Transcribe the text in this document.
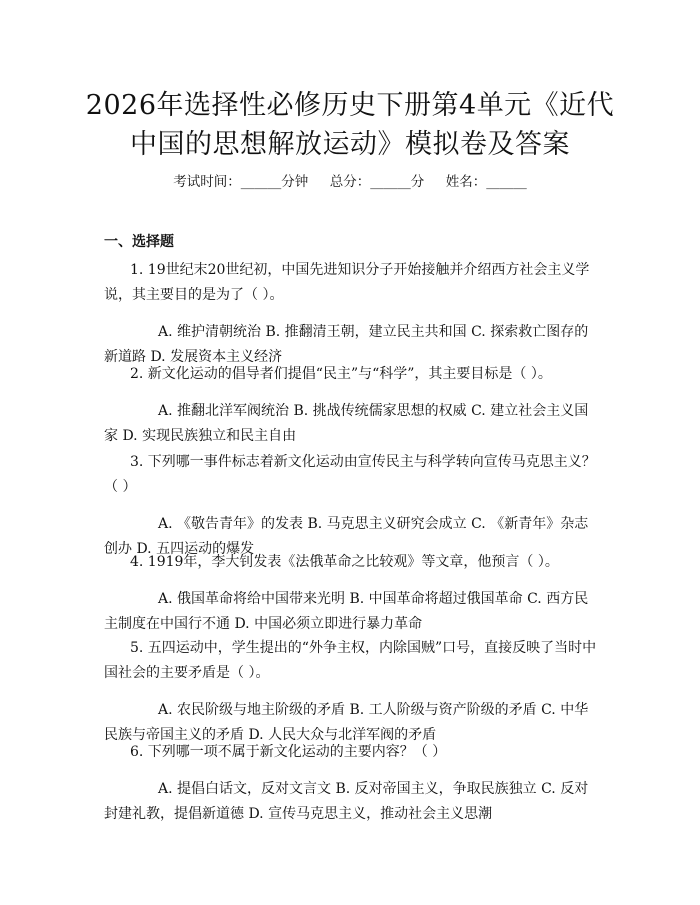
2026年选择性必修历史下册第4单元《近代
中国的思想解放运动》模拟卷及答案
考试时间：______分钟     总分：______分     姓名：______
一、选择题
1. 19世纪末20世纪初，中国先进知识分子开始接触并介绍西方社会主义学说，其主要目的是为了（ ）。
A. 维护清朝统治 B. 推翻清王朝，建立民主共和国 C. 探索救亡图存的新道路 D. 发展资本主义经济
2. 新文化运动的倡导者们提倡“民主”与“科学”，其主要目标是（ ）。
A. 推翻北洋军阀统治 B. 挑战传统儒家思想的权威 C. 建立社会主义国家 D. 实现民族独立和民主自由
3. 下列哪一事件标志着新文化运动由宣传民主与科学转向宣传马克思主义？（ ）
A. 《敬告青年》的发表 B. 马克思主义研究会成立 C. 《新青年》杂志创办 D. 五四运动的爆发
4. 1919年，李大钊发表《法俄革命之比较观》等文章，他预言（ ）。
A. 俄国革命将给中国带来光明 B. 中国革命将超过俄国革命 C. 西方民主制度在中国行不通 D. 中国必须立即进行暴力革命
5. 五四运动中，学生提出的“外争主权，内除国贼”口号，直接反映了当时中国社会的主要矛盾是（ ）。
A. 农民阶级与地主阶级的矛盾 B. 工人阶级与资产阶级的矛盾 C. 中华民族与帝国主义的矛盾 D. 人民大众与北洋军阀的矛盾
6. 下列哪一项不属于新文化运动的主要内容？（ ）
A. 提倡白话文，反对文言文 B. 反对帝国主义，争取民族独立 C. 反对封建礼教，提倡新道德 D. 宣传马克思主义，推动社会主义思潮
